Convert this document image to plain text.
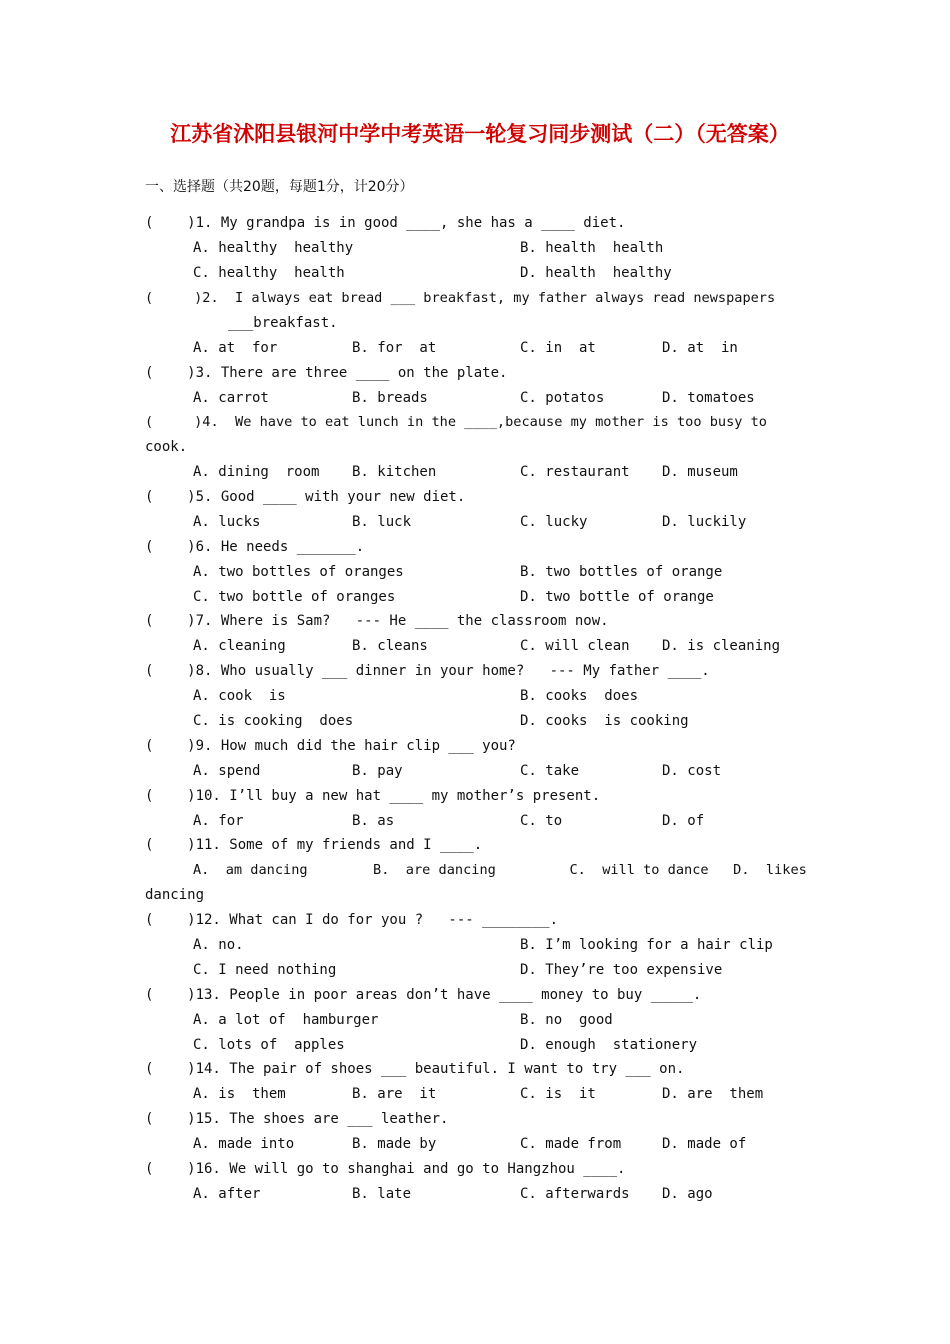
江苏省沭阳县银河中学中考英语一轮复习同步测试（二）（无答案）
一、选择题（共20题，每题1分，计20分）
(    )1. My grandpa is in good ____, she has a ____ diet.
A. healthy  healthy	B. health  health
C. healthy  health	D. health  healthy
(     )2.  I always eat bread ___ breakfast, my father always read newspapers
___breakfast.
A. at  for	B. for  at	C. in  at	D. at  in
(    )3. There are three ____ on the plate.
A. carrot	B. breads	C. potatos	D. tomatoes
(     )4.  We have to eat lunch in the ____,because my mother is too busy to
cook.
A. dining  room B. kitchen	C. restaurant D. museum
(    )5. Good ____ with your new diet.
A. lucks	B. luck	C. lucky	D. luckily
(    )6. He needs _______.
A. two bottles of oranges	B. two bottles of orange
C. two bottle of oranges	D. two bottle of orange
(    )7. Where is Sam?   --- He ____ the classroom now.
A. cleaning	B. cleans	C. will clean D. is cleaning
(    )8. Who usually ___ dinner in your home?   --- My father ____.
A. cook  is	B. cooks  does
C. is cooking  does	D. cooks  is cooking
(    )9. How much did the hair clip ___ you?
A. spend	B. pay	C. take	D. cost
(    )10. I’ll buy a new hat ____ my mother’s present.
A. for	B. as	C. to	D. of
(    )11. Some of my friends and I ____.
A.  am dancing        B.  are dancing         C.  will to dance   D.  likes
dancing
(    )12. What can I do for you ?   --- ________.
A. no.	B. I’m looking for a hair clip
C. I need nothing	D. They’re too expensive
(    )13. People in poor areas don’t have ____ money to buy _____.
A. a lot of  hamburger	B. no  good
C. lots of  apples	D. enough  stationery
(    )14. The pair of shoes ___ beautiful. I want to try ___ on.
A. is  them	B. are  it	C. is  it	D. are  them
(    )15. The shoes are ___ leather.
A. made into	B. made by	C. made from	D. made of
(    )16. We will go to shanghai and go to Hangzhou ____.
A. after	B. late	C. afterwards D. ago
